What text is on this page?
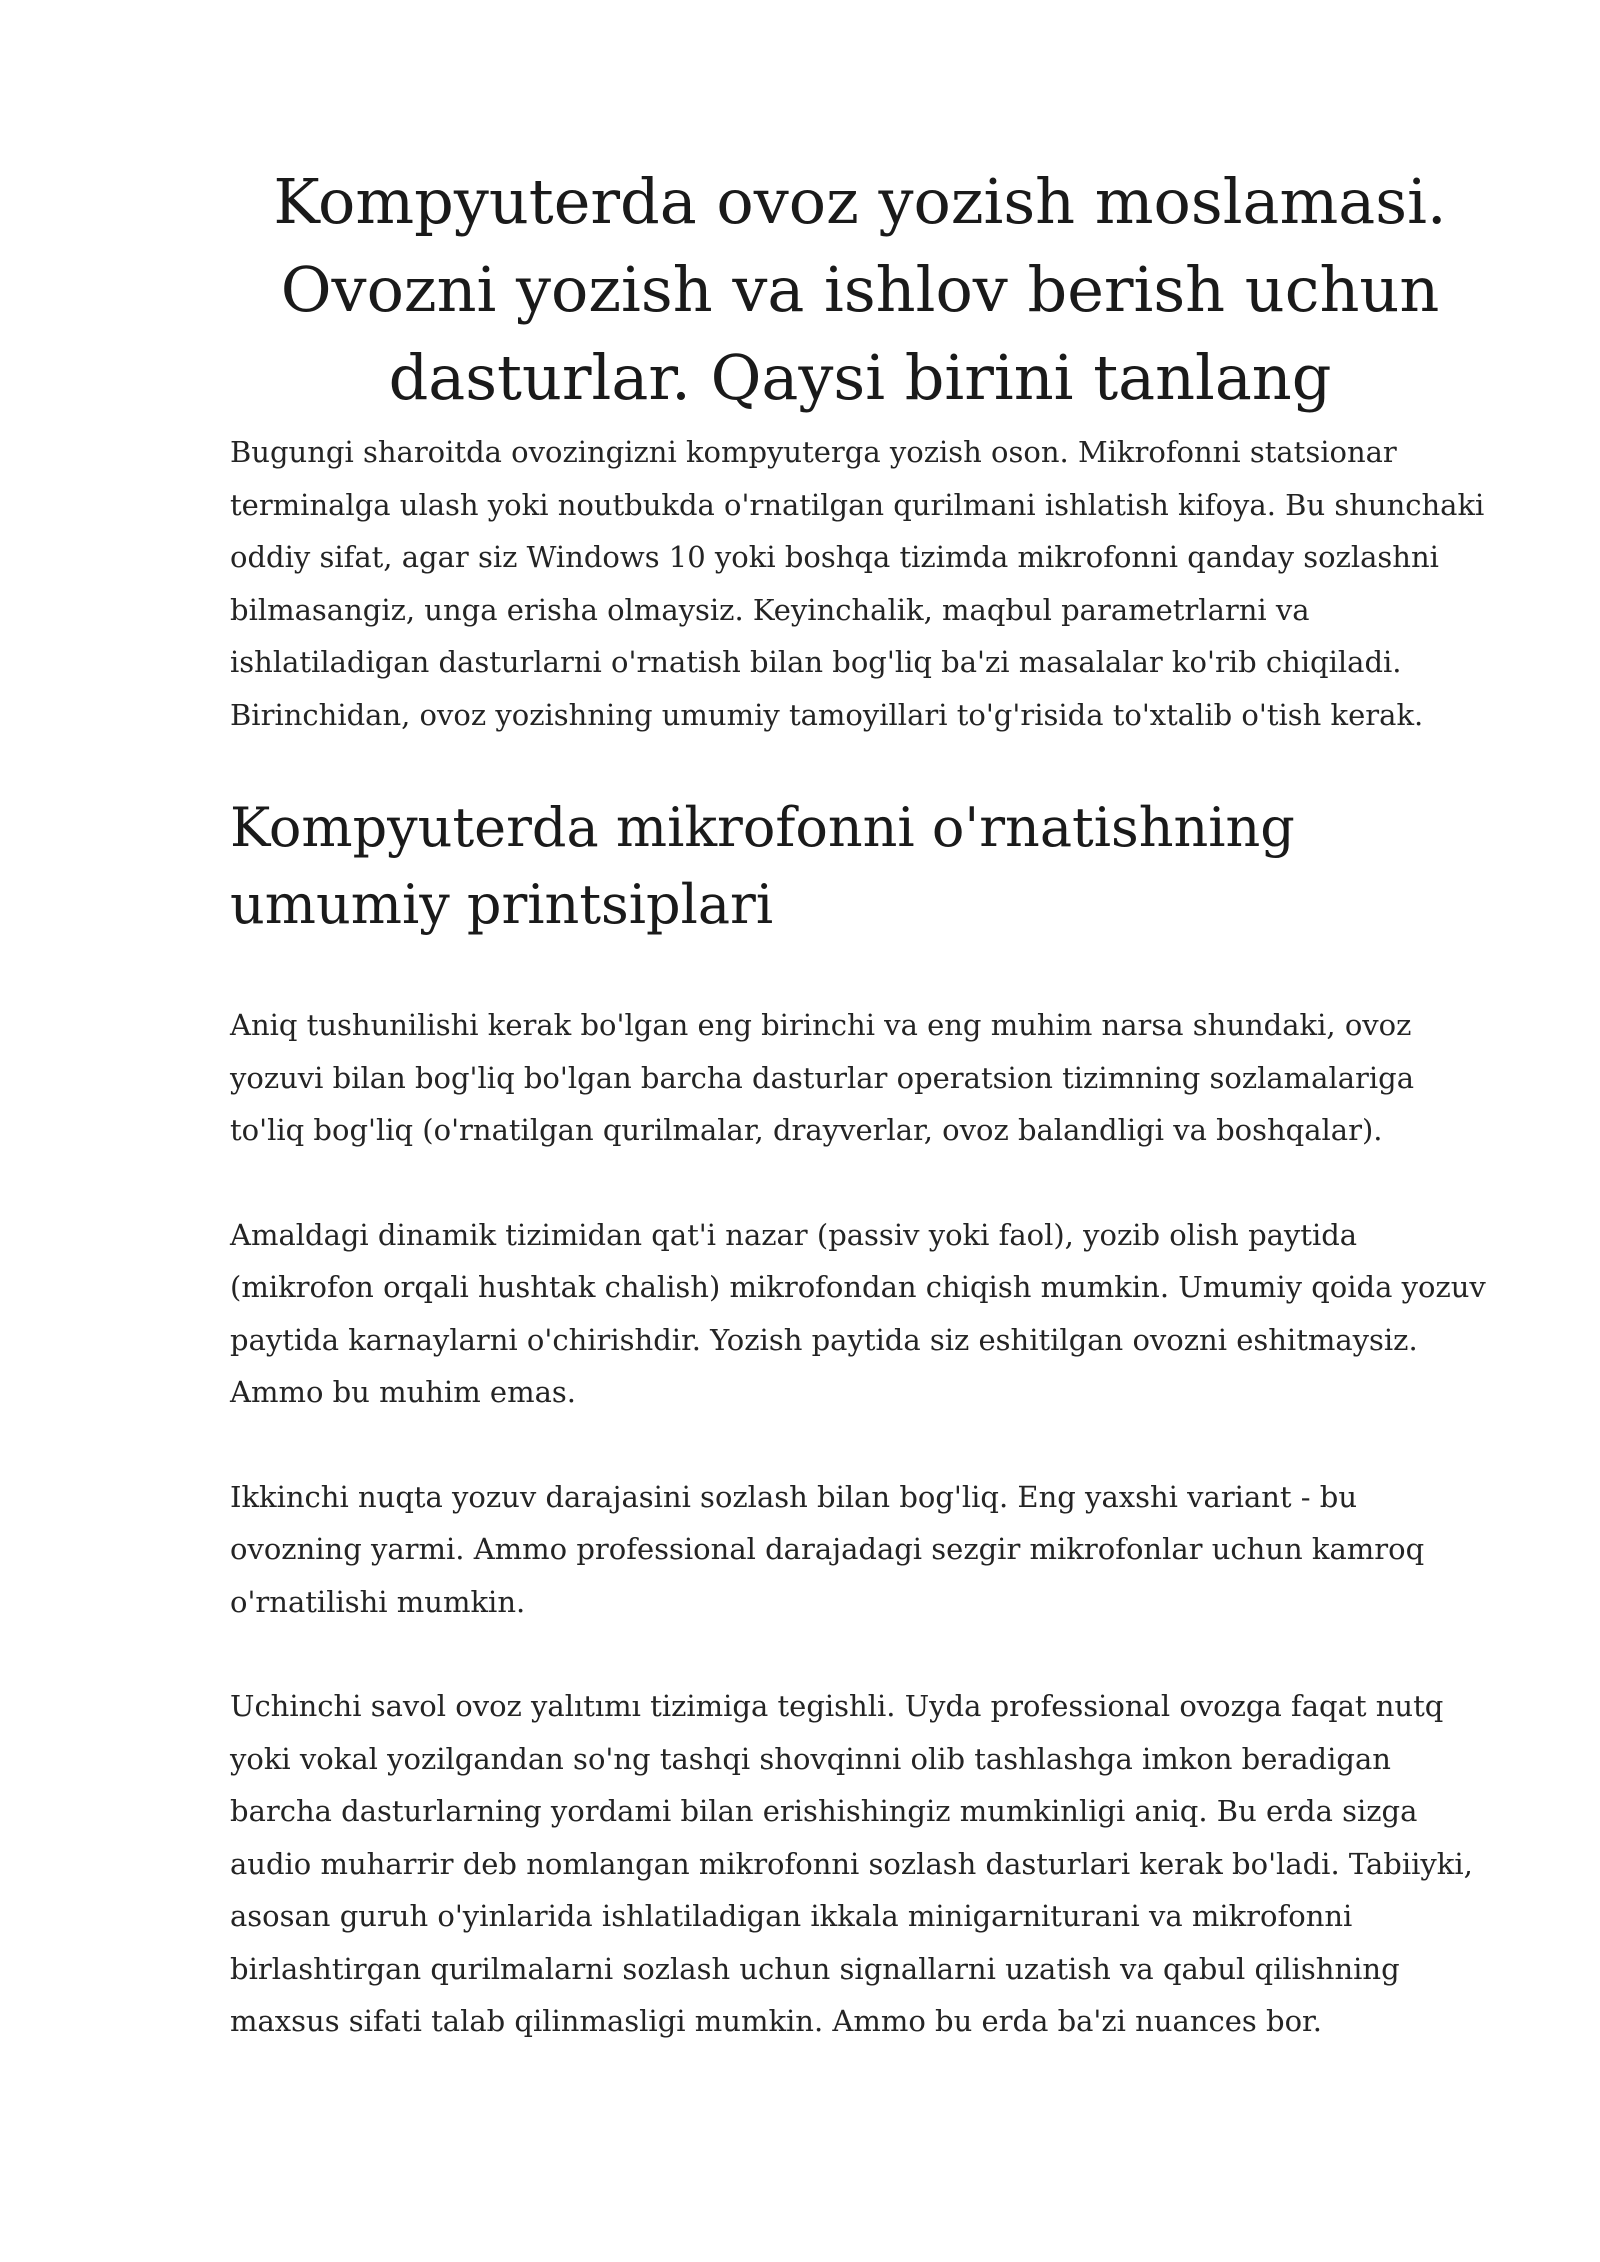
Kompyuterda ovoz yozish moslamasi. Ovozni yozish va ishlov berish uchun dasturlar. Qaysi birini tanlang

Bugungi sharoitda ovozingizni kompyuterga yozish oson. Mikrofonni statsionar terminalga ulash yoki noutbukda o'rnatilgan qurilmani ishlatish kifoya. Bu shunchaki oddiy sifat, agar siz Windows 10 yoki boshqa tizimda mikrofonni qanday sozlashni bilmasangiz, unga erisha olmaysiz. Keyinchalik, maqbul parametrlarni va ishlatiladigan dasturlarni o'rnatish bilan bog'liq ba'zi masalalar ko'rib chiqiladi. Birinchidan, ovoz yozishning umumiy tamoyillari to'g'risida to'xtalib o'tish kerak.

Kompyuterda mikrofonni o'rnatishning umumiy printsiplari

Aniq tushunilishi kerak bo'lgan eng birinchi va eng muhim narsa shundaki, ovoz yozuvi bilan bog'liq bo'lgan barcha dasturlar operatsion tizimning sozlamalariga to'liq bog'liq (o'rnatilgan qurilmalar, drayverlar, ovoz balandligi va boshqalar).

Amaldagi dinamik tizimidan qat'i nazar (passiv yoki faol), yozib olish paytida (mikrofon orqali hushtak chalish) mikrofondan chiqish mumkin. Umumiy qoida yozuv paytida karnaylarni o'chirishdir. Yozish paytida siz eshitilgan ovozni eshitmaysiz. Ammo bu muhim emas.

Ikkinchi nuqta yozuv darajasini sozlash bilan bog'liq. Eng yaxshi variant - bu ovozning yarmi. Ammo professional darajadagi sezgir mikrofonlar uchun kamroq o'rnatilishi mumkin.

Uchinchi savol ovoz yalıtımı tizimiga tegishli. Uyda professional ovozga faqat nutq yoki vokal yozilgandan so'ng tashqi shovqinni olib tashlashga imkon beradigan barcha dasturlarning yordami bilan erishishingiz mumkinligi aniq. Bu erda sizga audio muharrir deb nomlangan mikrofonni sozlash dasturlari kerak bo'ladi. Tabiiyki, asosan guruh o'yinlarida ishlatiladigan ikkala minigarniturani va mikrofonni birlashtirgan qurilmalarni sozlash uchun signallarni uzatish va qabul qilishning maxsus sifati talab qilinmasligi mumkin. Ammo bu erda ba'zi nuances bor.
